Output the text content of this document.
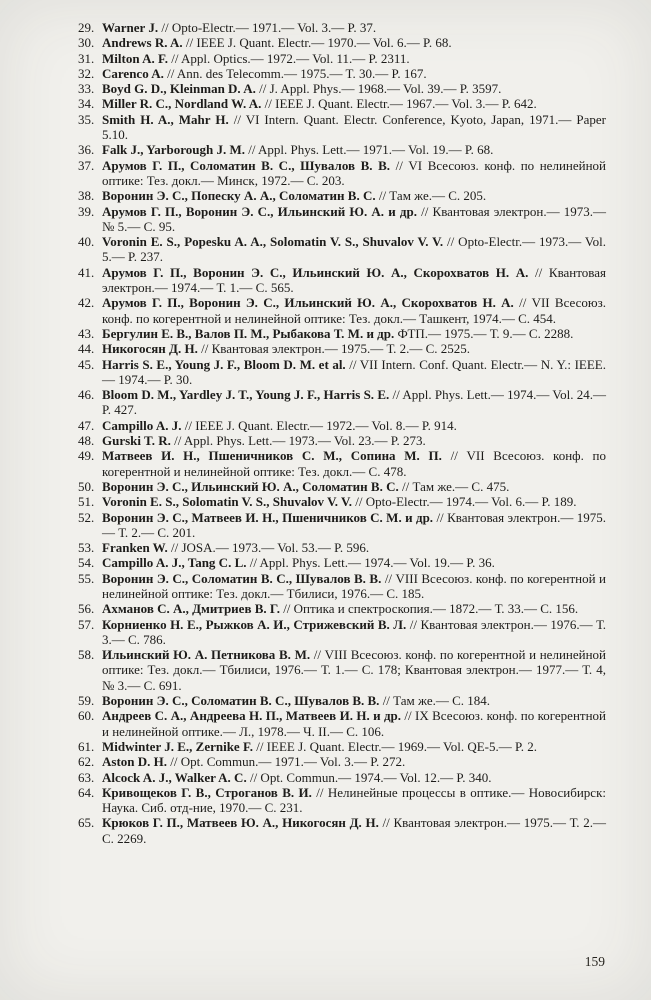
29. Warner J. // Opto-Electr.— 1971.— Vol. 3.— P. 37.
30. Andrews R. A. // IEEE J. Quant. Electr.— 1970.— Vol. 6.— P. 68.
31. Milton A. F. // Appl. Optics.— 1972.— Vol. 11.— P. 2311.
32. Carenco A. // Ann. des Telecomm.— 1975.— T. 30.— P. 167.
33. Boyd G. D., Kleinman D. A. // J. Appl. Phys.— 1968.— Vol. 39.— P. 3597.
34. Miller R. C., Nordland W. A. // IEEE J. Quant. Electr.— 1967.— Vol. 3.— P. 642.
35. Smith H. A., Mahr H. // VI Intern. Quant. Electr. Conference, Kyoto, Japan, 1971.— Paper 5.10.
36. Falk J., Yarborough J. M. // Appl. Phys. Lett.— 1971.— Vol. 19.— P. 68.
37. Арумов Г. П., Соломатин В. С., Шувалов В. В. // VI Всесоюз. конф. по нелинейной оптике: Тез. докл.— Минск, 1972.— С. 203.
38. Воронин Э. С., Попеску А. А., Соломатин В. С. // Там же.— С. 205.
39. Арумов Г. П., Воронин Э. С., Ильинский Ю. А. и др. // Квантовая электрон.— 1973.— № 5.— С. 95.
40. Voronin E. S., Popesku A. A., Solomatin V. S., Shuvalov V. V. // Opto-Electr.— 1973.— Vol. 5.— P. 237.
41. Арумов Г. П., Воронин Э. С., Ильинский Ю. А., Скорохватов Н. А. // Квантовая электрон.— 1974.— Т. 1.— С. 565.
42. Арумов Г. П., Воронин Э. С., Ильинский Ю. А., Скорохватов Н. А. // VII Всесоюз. конф. по когерентной и нелинейной оптике: Тез. докл.— Ташкент, 1974.— С. 454.
43. Бергулин Е. В., Валов П. М., Рыбакова Т. М. и др. ФТП.— 1975.— Т. 9.— С. 2288.
44. Никогосян Д. Н. // Квантовая электрон.— 1975.— Т. 2.— С. 2525.
45. Harris S. E., Young J. F., Bloom D. M. et al. // VII Intern. Conf. Quant. Electr.— N. Y.: IEEE.— 1974.— P. 30.
46. Bloom D. M., Yardley J. T., Young J. F., Harris S. E. // Appl. Phys. Lett.— 1974.— Vol. 24.— P. 427.
47. Campillo A. J. // IEEE J. Quant. Electr.— 1972.— Vol. 8.— P. 914.
48. Gurski T. R. // Appl. Phys. Lett.— 1973.— Vol. 23.— P. 273.
49. Матвеев И. Н., Пшеничников С. М., Сопина М. П. // VII Всесоюз. конф. по когерентной и нелинейной оптике: Тез. докл.— С. 478.
50. Воронин Э. С., Ильинский Ю. А., Соломатин В. С. // Там же.— С. 475.
51. Voronin E. S., Solomatin V. S., Shuvalov V. V. // Opto-Electr.— 1974.— Vol. 6.— P. 189.
52. Воронин Э. С., Матвеев И. Н., Пшеничников С. М. и др. // Квантовая электрон.— 1975.— Т. 2.— С. 201.
53. Franken W. // JOSA.— 1973.— Vol. 53.— P. 596.
54. Campillo A. J., Tang C. L. // Appl. Phys. Lett.— 1974.— Vol. 19.— P. 36.
55. Воронин Э. С., Соломатин В. С., Шувалов В. В. // VIII Всесоюз. конф. по когерентной и нелинейной оптике: Тез. докл.— Тбилиси, 1976.— С. 185.
56. Ахманов С. А., Дмитриев В. Г. // Оптика и спектроскопия.— 1872.— Т. 33.— С. 156.
57. Корниенко Н. Е., Рыжков А. И., Стрижевский В. Л. // Квантовая электрон.— 1976.— Т. 3.— С. 786.
58. Ильинский Ю. А. Петникова В. М. // VIII Всесоюз. конф. по когерентной и нелинейной оптике: Тез. докл.— Тбилиси, 1976.— Т. 1.— С. 178; Квантовая электрон.— 1977.— Т. 4, № 3.— С. 691.
59. Воронин Э. С., Соломатин В. С., Шувалов В. В. // Там же.— С. 184.
60. Андреев С. А., Андреева Н. П., Матвеев И. Н. и др. // IX Всесоюз. конф. по когерентной и нелинейной оптике.— Л., 1978.— Ч. II.— С. 106.
61. Midwinter J. E., Zernike F. // IEEE J. Quant. Electr.— 1969.— Vol. QE-5.— P. 2.
62. Aston D. H. // Opt. Commun.— 1971.— Vol. 3.— P. 272.
63. Alcock A. J., Walker A. C. // Opt. Commun.— 1974.— Vol. 12.— P. 340.
64. Кривощеков Г. В., Строганов В. И. // Нелинейные процессы в оптике.— Новосибирск: Наука. Сиб. отд-ние, 1970.— С. 231.
65. Крюков Г. П., Матвеев Ю. А., Никогосян Д. Н. // Квантовая электрон.— 1975.— Т. 2.— С. 2269.
159
